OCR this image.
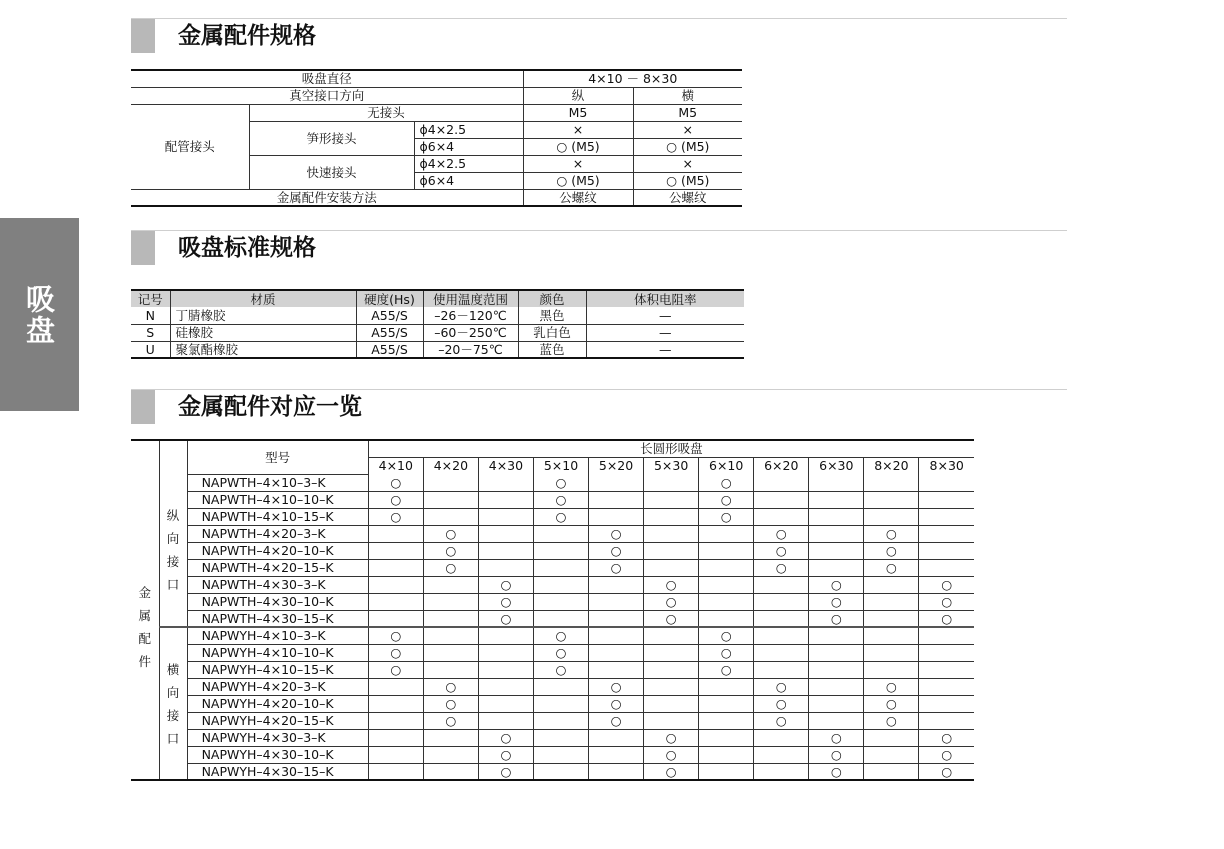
吸盘
金属配件规格
吸盘直径			4×10 － 8×30	
真空接口方向			纵	横
配管接头	无接头		M5	M5
	笋形接头	ϕ4×2.5	×	×
		ϕ6×4	○ (M5)	○ (M5)
	快速接头	ϕ4×2.5	×	×
		ϕ6×4	○ (M5)	○ (M5)
金属配件安装方法			公螺纹	公螺纹
吸盘标准规格
记号	材质	硬度(Hs)	使用温度范围	颜色	体积电阻率
N	丁腈橡胶	A55/S	–26－120℃	黑色	—
S	硅橡胶	A55/S	–60－250℃	乳白色	—
U	聚氯酯橡胶	A55/S	–20－75℃	蓝色	—
金属配件对应一览
		型号	长圆形吸盘										
			4×10	4×20	4×30	5×10	5×20	5×30	6×10	6×20	6×30	8×20	8×30

金
属
配
件	纵
向
接
口	NAPWTH–4×10–3–K	○			○			○				
		NAPWTH–4×10–10–K	○			○			○				
		NAPWTH–4×10–15–K	○			○			○				
		NAPWTH–4×20–3–K		○			○			○		○	
		NAPWTH–4×20–10–K		○			○			○		○	
		NAPWTH–4×20–15–K		○			○			○		○	
		NAPWTH–4×30–3–K			○			○			○		○
		NAPWTH–4×30–10–K			○			○			○		○
		NAPWTH–4×30–15–K			○			○			○		○

	横
向
接
口	NAPWYH–4×10–3–K	○			○			○				
		NAPWYH–4×10–10–K	○			○			○				
		NAPWYH–4×10–15–K	○			○			○				
		NAPWYH–4×20–3–K		○			○			○		○	
		NAPWYH–4×20–10–K		○			○			○		○	
		NAPWYH–4×20–15–K		○			○			○		○	
		NAPWYH–4×30–3–K			○			○			○		○
		NAPWYH–4×30–10–K			○			○			○		○
		NAPWYH–4×30–15–K			○			○			○		○
